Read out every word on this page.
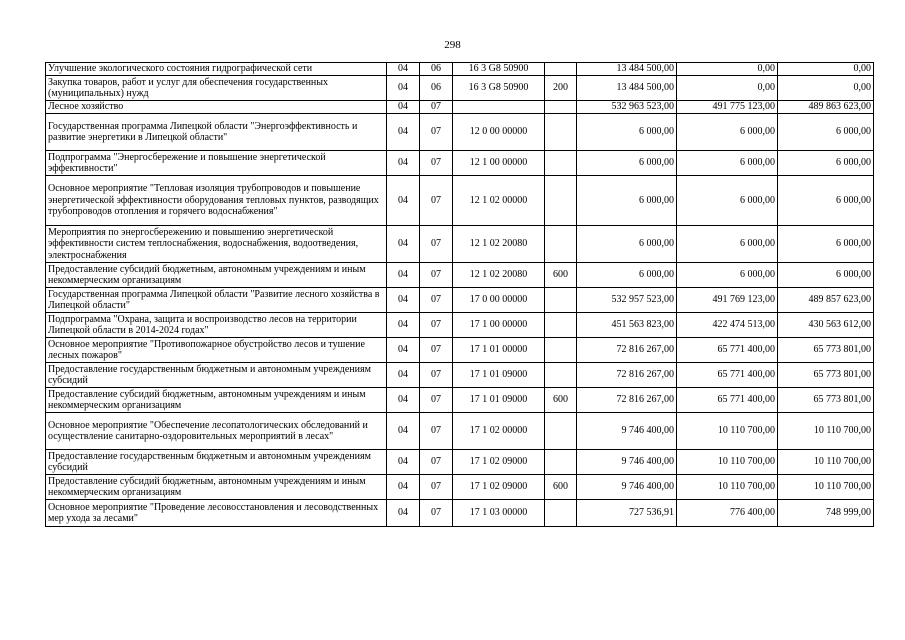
298
Улучшение экологического состояния гидрографической сети	04	06	16 3 G8 50900		13 484 500,00	0,00	0,00
Закупка товаров, работ и услуг для обеспечения государственных (муниципальных) нужд	04	06	16 3 G8 50900	200	13 484 500,00	0,00	0,00
Лесное хозяйство	04	07			532 963 523,00	491 775 123,00	489 863 623,00
Государственная программа Липецкой области "Энергоэффективность и развитие энергетики в Липецкой области"	04	07	12 0 00 00000		6 000,00	6 000,00	6 000,00
Подпрограмма "Энергосбережение и повышение энергетической эффективности"	04	07	12 1 00 00000		6 000,00	6 000,00	6 000,00
Основное мероприятие "Тепловая изоляция трубопроводов и повышение энергетической эффективности оборудования тепловых пунктов, разводящих трубопроводов отопления и горячего водоснабжения"	04	07	12 1 02 00000		6 000,00	6 000,00	6 000,00
Мероприятия по энергосбережению и повышению энергетической эффективности систем теплоснабжения, водоснабжения, водоотведения, электроснабжения	04	07	12 1 02 20080		6 000,00	6 000,00	6 000,00
Предоставление субсидий бюджетным, автономным учреждениям и иным некоммерческим организациям	04	07	12 1 02 20080	600	6 000,00	6 000,00	6 000,00
Государственная программа Липецкой области "Развитие лесного хозяйства в Липецкой области"	04	07	17 0 00 00000		532 957 523,00	491 769 123,00	489 857 623,00
Подпрограмма "Охрана, защита и воспроизводство лесов на территории Липецкой области в 2014-2024 годах"	04	07	17 1 00 00000		451 563 823,00	422 474 513,00	430 563 612,00
Основное мероприятие "Противопожарное обустройство лесов и тушение лесных пожаров"	04	07	17 1 01 00000		72 816 267,00	65 771 400,00	65 773 801,00
Предоставление государственным бюджетным и автономным учреждениям субсидий	04	07	17 1 01 09000		72 816 267,00	65 771 400,00	65 773 801,00
Предоставление субсидий бюджетным, автономным учреждениям и иным некоммерческим организациям	04	07	17 1 01 09000	600	72 816 267,00	65 771 400,00	65 773 801,00
Основное мероприятие "Обеспечение лесопатологических обследований и осуществление санитарно-оздоровительных мероприятий в лесах"	04	07	17 1 02 00000		9 746 400,00	10 110 700,00	10 110 700,00
Предоставление государственным бюджетным и автономным учреждениям субсидий	04	07	17 1 02 09000		9 746 400,00	10 110 700,00	10 110 700,00
Предоставление субсидий бюджетным, автономным учреждениям и иным некоммерческим организациям	04	07	17 1 02 09000	600	9 746 400,00	10 110 700,00	10 110 700,00
Основное мероприятие "Проведение лесовосстановления и лесоводственных мер ухода за лесами"	04	07	17 1 03 00000		727 536,91	776 400,00	748 999,00
